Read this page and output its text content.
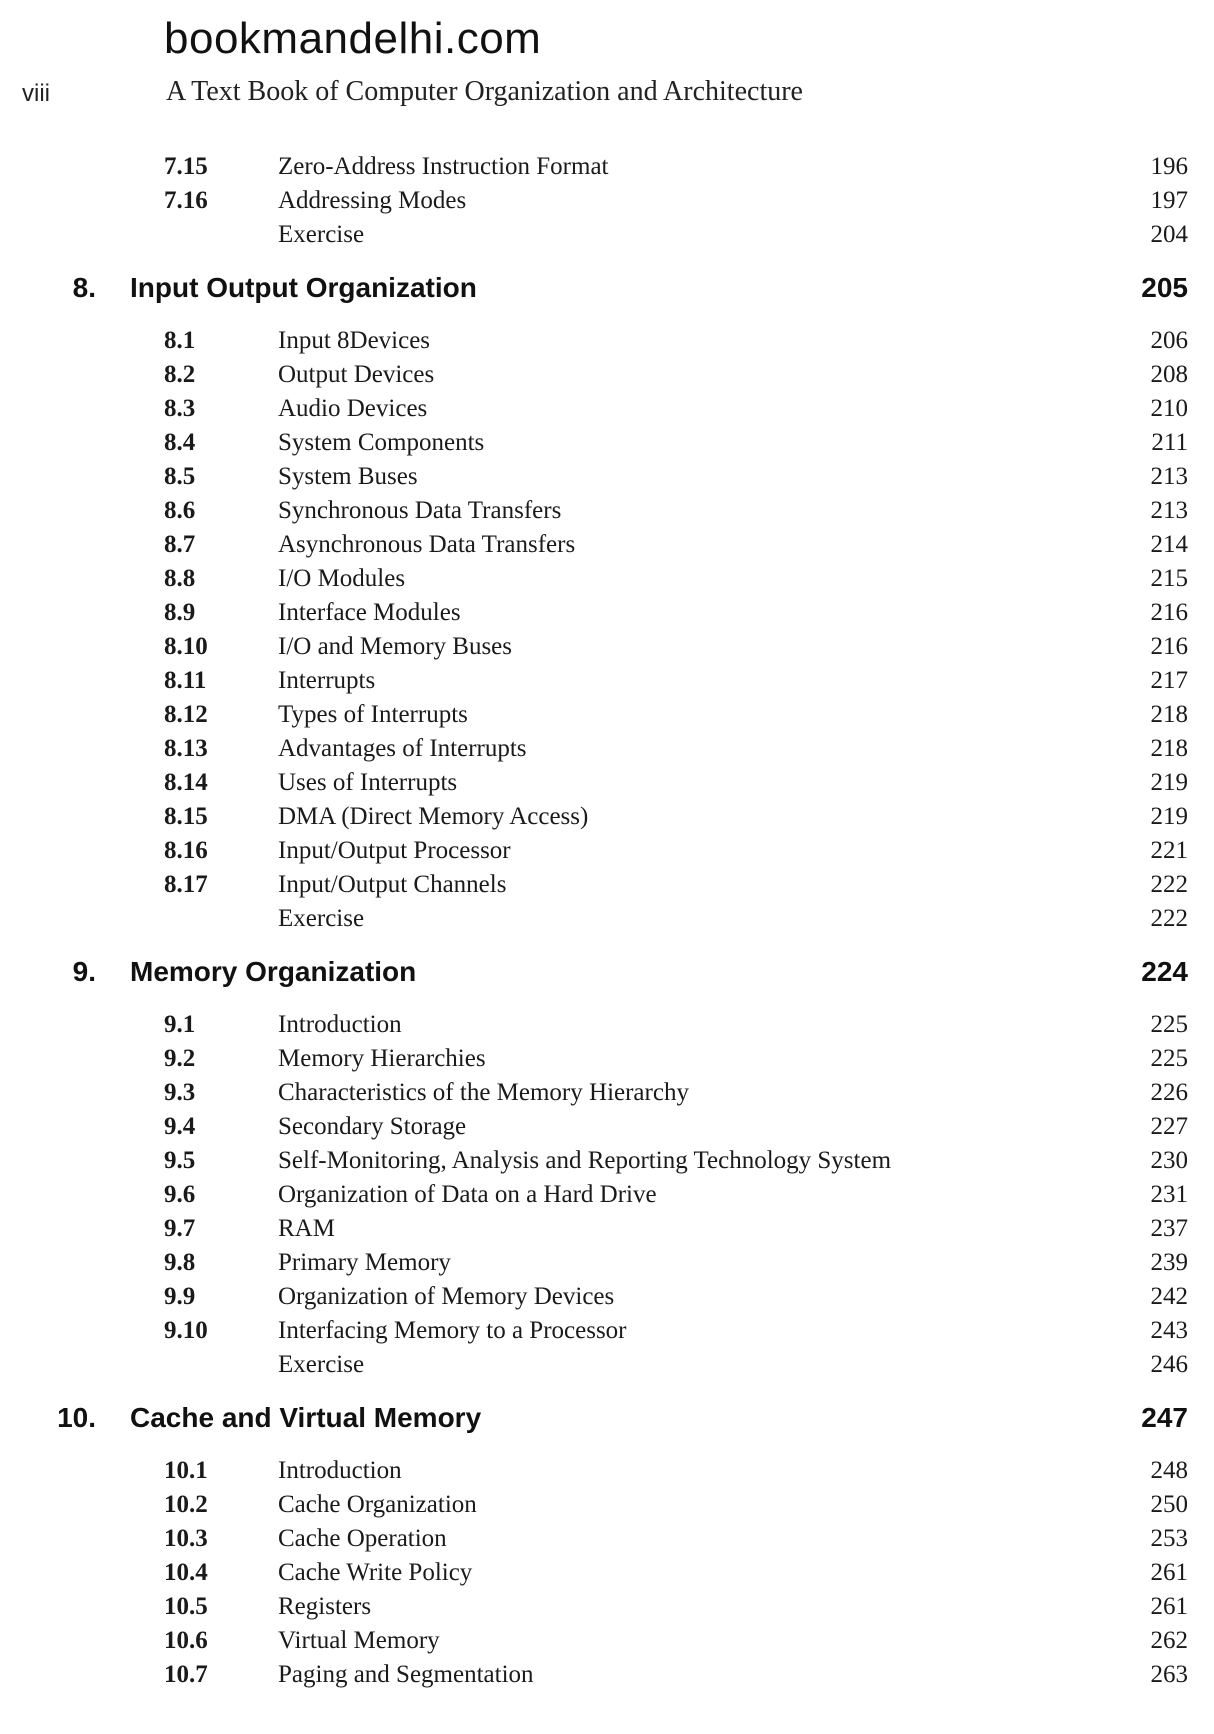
bookmandelhi.com
viii	A Text Book of Computer Organization and Architecture
7.15	Zero-Address Instruction Format	196
7.16	Addressing Modes	197
Exercise	204
8.	Input Output Organization	205
8.1	Input 8Devices	206
8.2	Output Devices	208
8.3	Audio Devices	210
8.4	System Components	211
8.5	System Buses	213
8.6	Synchronous Data Transfers	213
8.7	Asynchronous Data Transfers	214
8.8	I/O Modules	215
8.9	Interface Modules	216
8.10	I/O and Memory Buses	216
8.11	Interrupts	217
8.12	Types of Interrupts	218
8.13	Advantages of Interrupts	218
8.14	Uses of Interrupts	219
8.15	DMA (Direct Memory Access)	219
8.16	Input/Output Processor	221
8.17	Input/Output Channels	222
Exercise	222
9.	Memory Organization	224
9.1	Introduction	225
9.2	Memory Hierarchies	225
9.3	Characteristics of the Memory Hierarchy	226
9.4	Secondary Storage	227
9.5	Self-Monitoring, Analysis and Reporting Technology System	230
9.6	Organization of Data on a Hard Drive	231
9.7	RAM	237
9.8	Primary Memory	239
9.9	Organization of Memory Devices	242
9.10	Interfacing Memory to a Processor	243
Exercise	246
10.	Cache and Virtual Memory	247
10.1	Introduction	248
10.2	Cache Organization	250
10.3	Cache Operation	253
10.4	Cache Write Policy	261
10.5	Registers	261
10.6	Virtual Memory	262
10.7	Paging and Segmentation	263
